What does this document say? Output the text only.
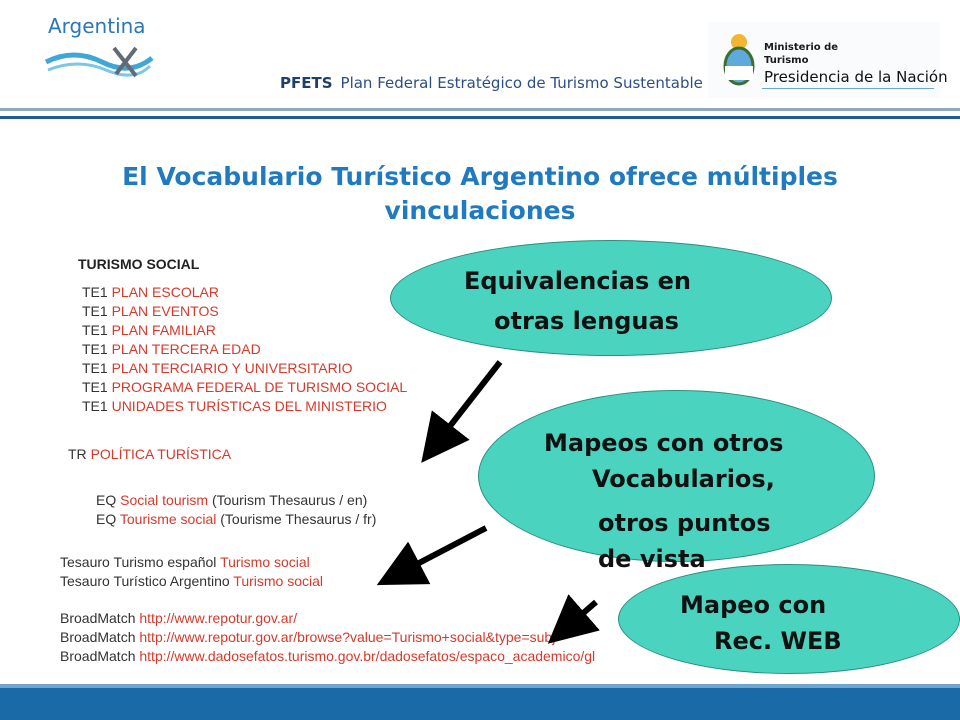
Argentina
PFETS Plan Federal Estratégico de Turismo Sustentable
Ministerio de
Turismo
Presidencia de la Nación
El Vocabulario Turístico Argentino ofrece múltiples vinculaciones
TURISMO SOCIAL
TE1 PLAN ESCOLAR
TE1 PLAN EVENTOS
TE1 PLAN FAMILIAR
TE1 PLAN TERCERA EDAD
TE1 PLAN TERCIARIO Y UNIVERSITARIO
TE1 PROGRAMA FEDERAL DE TURISMO SOCIAL
TE1 UNIDADES TURÍSTICAS DEL MINISTERIO
TR POLÍTICA TURÍSTICA
EQ Social tourism (Tourism Thesaurus / en)
EQ Tourisme social (Tourisme Thesaurus / fr)
Tesauro Turismo español Turismo social
Tesauro Turístico Argentino Turismo social
BroadMatch http://www.repotur.gov.ar/
BroadMatch http://www.repotur.gov.ar/browse?value=Turismo+social&type=subj
BroadMatch http://www.dadosefatos.turismo.gov.br/dadosefatos/espaco_academico/gl
Equivalencias en
otras lenguas
Mapeos con otros
Vocabularios,
otros puntos
de vista
Mapeo con
Rec. WEB
